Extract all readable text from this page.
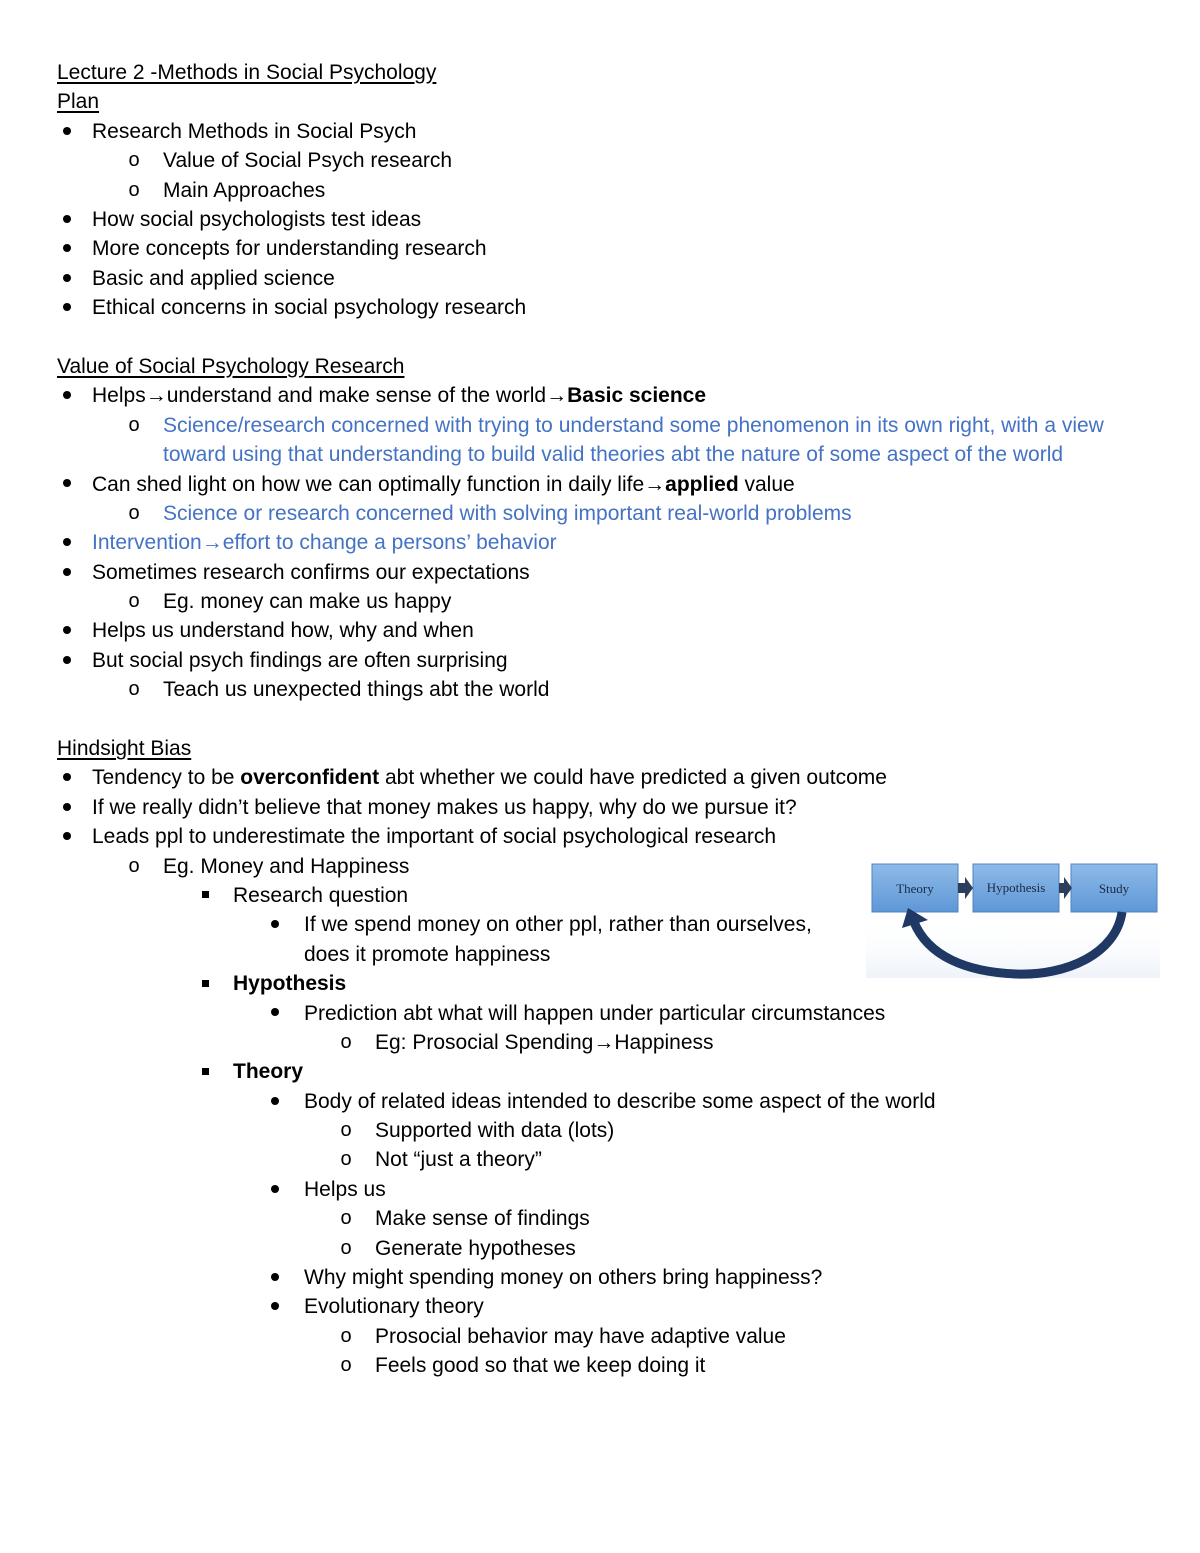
Lecture 2 -Methods in Social Psychology
Plan
Research Methods in Social Psych
o Value of Social Psych research
o Main Approaches
How social psychologists test ideas
More concepts for understanding research
Basic and applied science
Ethical concerns in social psychology research
Value of Social Psychology Research
Helps→understand and make sense of the world→Basic science
o Science/research concerned with trying to understand some phenomenon in its own right, with a view toward using that understanding to build valid theories abt the nature of some aspect of the world
Can shed light on how we can optimally function in daily life→applied value
o Science or research concerned with solving important real-world problems
Intervention→effort to change a persons’ behavior
Sometimes research confirms our expectations
o Eg. money can make us happy
Helps us understand how, why and when
But social psych findings are often surprising
o Teach us unexpected things abt the world
Hindsight Bias
Tendency to be overconfident abt whether we could have predicted a given outcome
If we really didn’t believe that money makes us happy, why do we pursue it?
Leads ppl to underestimate the important of social psychological research
o Eg. Money and Happiness
Research question
If we spend money on other ppl, rather than ourselves,
does it promote happiness
Hypothesis
Prediction abt what will happen under particular circumstances
o Eg: Prosocial Spending→Happiness
Theory
Body of related ideas intended to describe some aspect of the world
o Supported with data (lots)
o Not “just a theory”
Helps us
o Make sense of findings
o Generate hypotheses
Why might spending money on others bring happiness?
Evolutionary theory
o Prosocial behavior may have adaptive value
o Feels good so that we keep doing it
Theory	Hypothesis	Study
